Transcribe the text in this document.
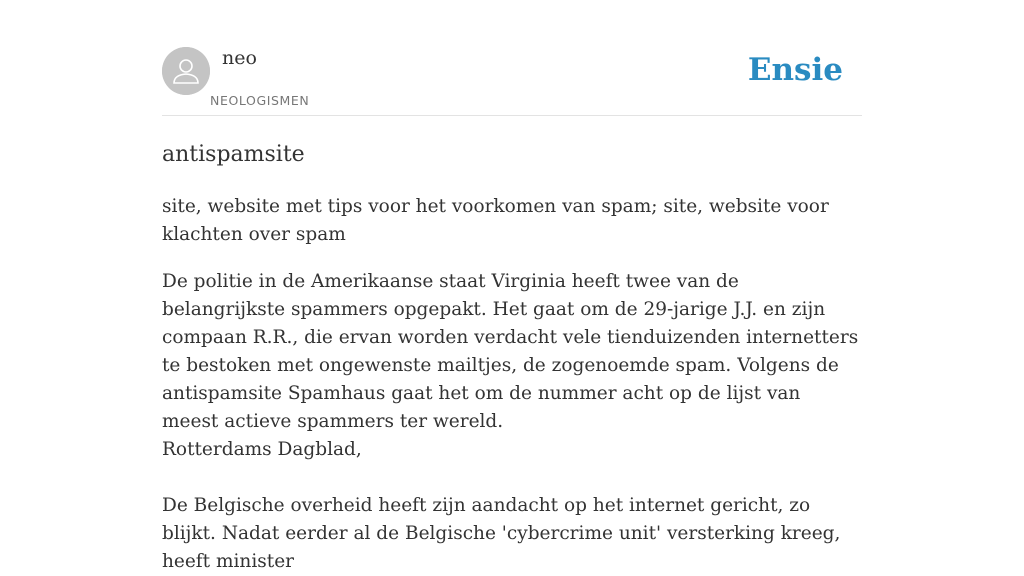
neo
NEOLOGISMEN
Ensie
antispamsite

site, website met tips voor het voorkomen van spam; site, website voor klachten over spam

De politie in de Amerikaanse staat Virginia heeft twee van de belangrijkste spammers opgepakt. Het gaat om de 29-jarige J.J. en zijn compaan R.R., die ervan worden verdacht vele tienduizenden internetters te bestoken met ongewenste mailtjes, de zogenoemde spam. Volgens de antispamsite Spamhaus gaat het om de nummer acht op de lijst van meest actieve spammers ter wereld.

Rotterdams Dagblad,

De Belgische overheid heeft zijn aandacht op het internet gericht, zo blijkt. Nadat eerder al de Belgische 'cybercrime unit' versterking kreeg, heeft minister
